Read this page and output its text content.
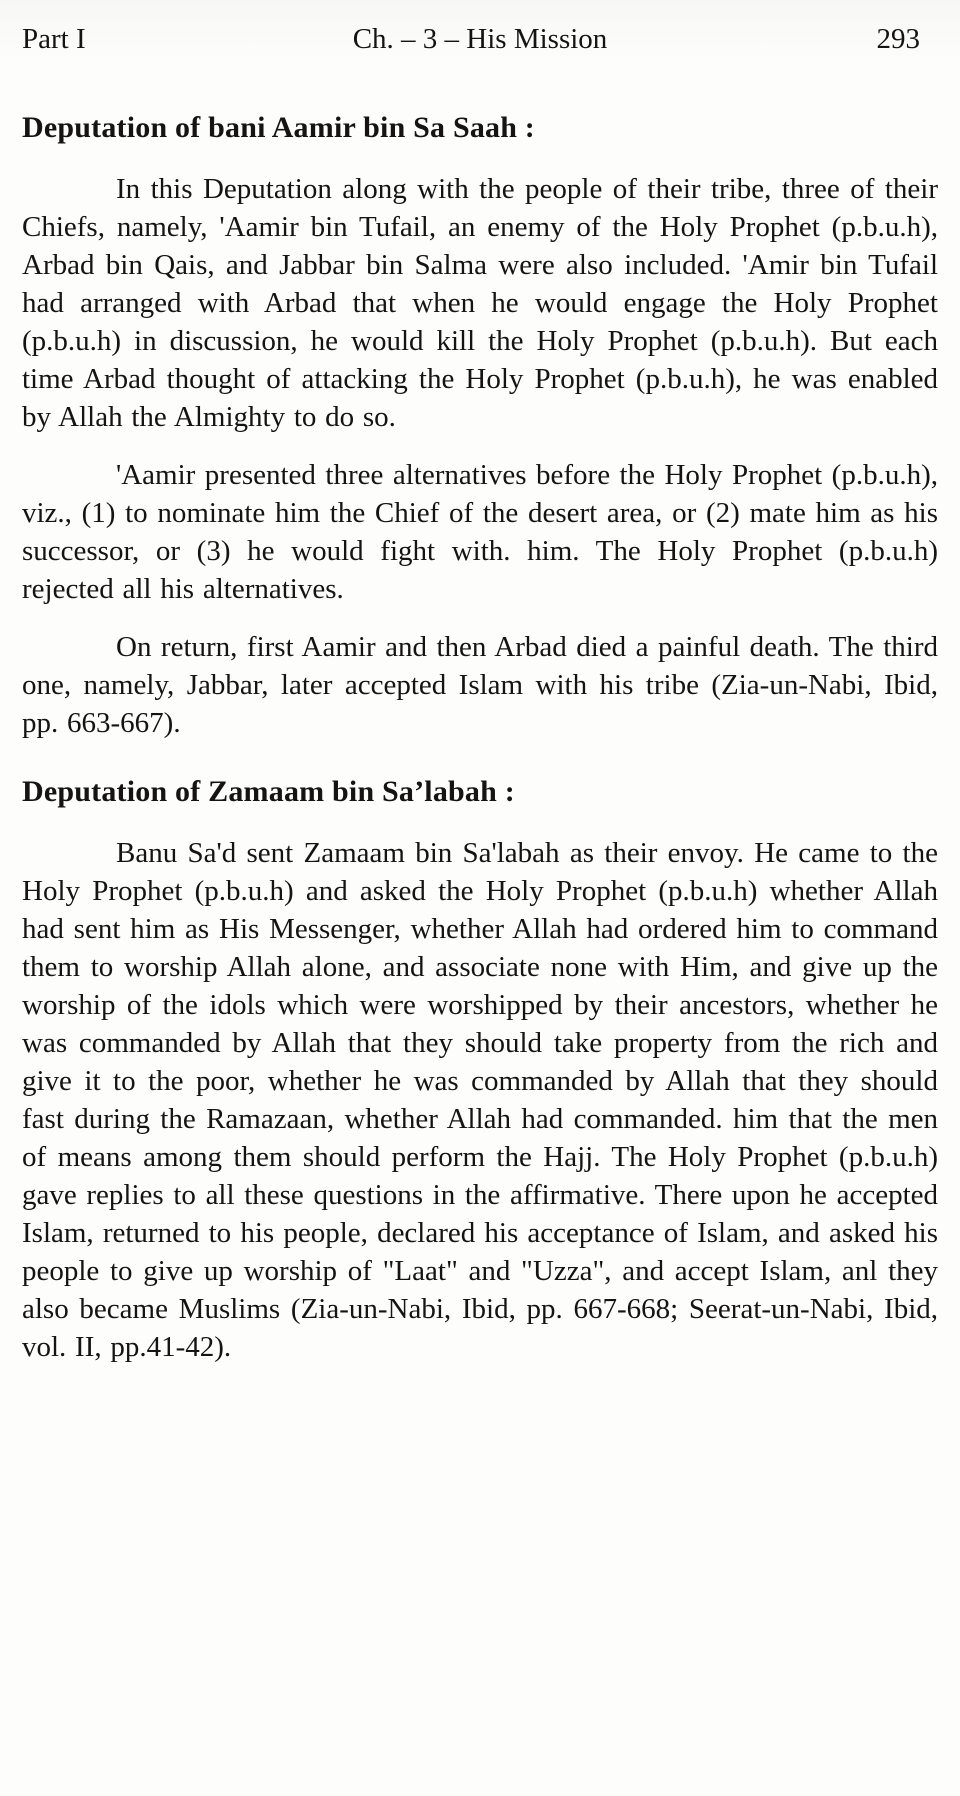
Part I	Ch. – 3 – His Mission	293
Deputation of bani Aamir bin Sa Saah :

In this Deputation along with the people of their tribe, three of their Chiefs, namely, 'Aamir bin Tufail, an enemy of the Holy Prophet (p.b.u.h), Arbad bin Qais, and Jabbar bin Salma were also included. 'Amir bin Tufail had arranged with Arbad that when he would engage the Holy Prophet (p.b.u.h) in discussion, he would kill the Holy Prophet (p.b.u.h). But each time Arbad thought of attacking the Holy Prophet (p.b.u.h), he was enabled by Allah the Almighty to do so.

'Aamir presented three alternatives before the Holy Prophet (p.b.u.h), viz., (1) to nominate him the Chief of the desert area, or (2) mate him as his successor, or (3) he would fight with. him. The Holy Prophet (p.b.u.h) rejected all his alternatives.

On return, first Aamir and then Arbad died a painful death. The third one, namely, Jabbar, later accepted Islam with his tribe (Zia-un-Nabi, Ibid, pp. 663-667).

Deputation of Zamaam bin Sa’labah :

Banu Sa'd sent Zamaam bin Sa'labah as their envoy. He came to the Holy Prophet (p.b.u.h) and asked the Holy Prophet (p.b.u.h) whether Allah had sent him as His Messenger, whether Allah had ordered him to command them to worship Allah alone, and associate none with Him, and give up the worship of the idols which were worshipped by their ancestors, whether he was commanded by Allah that they should take property from the rich and give it to the poor, whether he was commanded by Allah that they should fast during the Ramazaan, whether Allah had commanded. him that the men of means among them should perform the Hajj. The Holy Prophet (p.b.u.h) gave replies to all these questions in the affirmative. There upon he accepted Islam, returned to his people, declared his acceptance of Islam, and asked his people to give up worship of "Laat" and "Uzza", and accept Islam, anl they also became Muslims (Zia-un-Nabi, Ibid, pp. 667-668; Seerat-un-Nabi, Ibid, vol. II, pp.41-42).
